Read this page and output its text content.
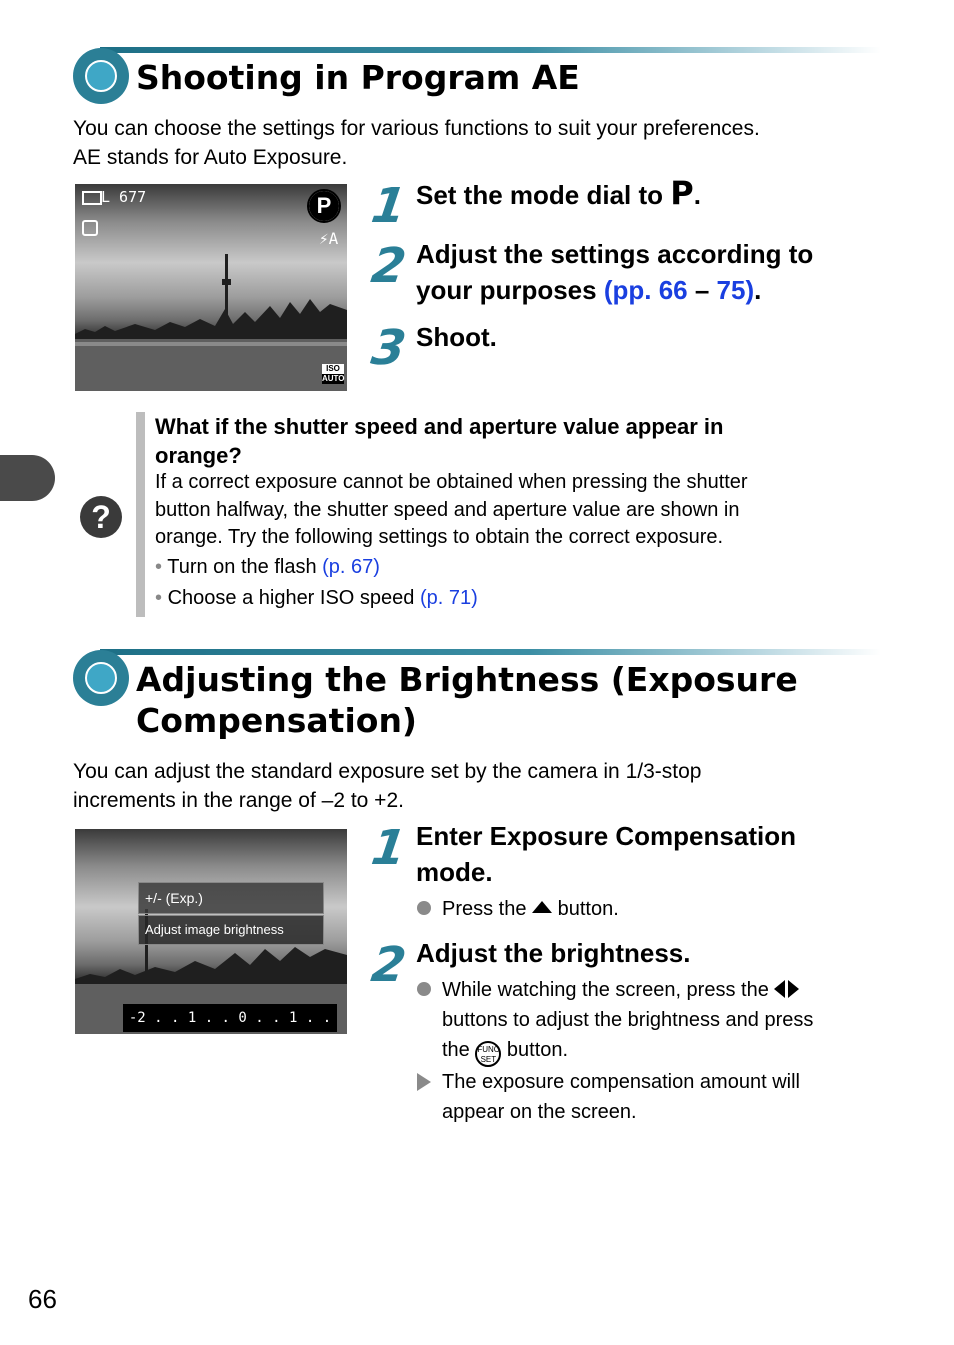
Shooting in Program AE

You can choose the settings for various functions to suit your preferences.
AE stands for Auto Exposure.

L 677	P
⚡A
ISO
AUTO
1 Set the mode dial to P.

2 Adjust the settings according to
your purposes (pp. 66 – 75).

3 Shoot.

?

What if the shutter speed and aperture value appear in
orange?

If a correct exposure cannot be obtained when pressing the shutter
button halfway, the shutter speed and aperture value are shown in
orange. Try the following settings to obtain the correct exposure.

• Turn on the flash (p. 67)
• Choose a higher ISO speed (p. 71)
Adjusting the Brightness (Exposure
Compensation)

You can adjust the standard exposure set by the camera in 1/3-stop
increments in the range of –2 to +2.

+/- (Exp.)
Adjust image brightness
-2 . . 1 . . 0 . . 1 . . 2+
1 Enter Exposure Compensation
mode.

Press the  button.

2 Adjust the brightness.

While watching the screen, press the
buttons to adjust the brightness and press
the FUNC SET button.

The exposure compensation amount will
appear on the screen.

66
